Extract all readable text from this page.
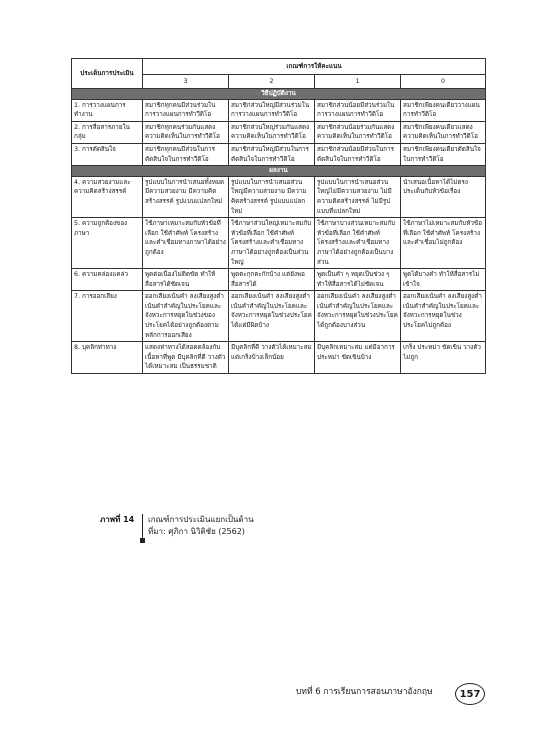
ประเด็นการประเมิน	เกณฑ์การให้คะแนน			
	3	2	1	0
วิธีปฏิบัติงาน				
1. การวางแผนการทำงาน	สมาชิกทุกคนมีส่วนร่วมในการวางแผนการทำวีดิโอ	สมาชิกส่วนใหญ่มีส่วนร่วมในการวางแผนการทำวีดิโอ	สมาชิกส่วนน้อยมีส่วนร่วมในการวางแผนการทำวีดิโอ	สมาชิกเพียงคนเดียววางแผนการทำวีดิโอ
2. การสื่อสารภายในกลุ่ม	สมาชิกทุกคนร่วมกันแสดงความคิดเห็นในการทำวีดิโอ	สมาชิกส่วนใหญ่ร่วมกันแสดงความคิดเห็นในการทำวีดิโอ	สมาชิกส่วนน้อยร่วมกันแสดงความคิดเห็นในการทำวีดิโอ	สมาชิกเพียงคนเดียวแสดงความคิดเห็นในการทำวีดิโอ
3. การตัดสินใจ	สมาชิกทุกคนมีส่วนในการตัดสินใจในการทำวีดิโอ	สมาชิกส่วนใหญ่มีส่วนในการตัดสินใจในการทำวีดิโอ	สมาชิกส่วนน้อยมีส่วนในการตัดสินใจในการทำวีดิโอ	สมาชิกเพียงคนเดียวตัดสินใจในการทำวีดิโอ
ผลงาน				
4. ความสวยงามและความคิดสร้างสรรค์	รูปแบบในการนำเสนอทั้งหมดมีความสวยงาม มีความคิดสร้างสรรค์ รูปแบบแปลกใหม่	รูปแบบในการนำเสนอส่วนใหญ่มีความสวยงาม มีความคิดสร้างสรรค์ รูปแบบแปลกใหม่	รูปแบบในการนำเสนอส่วนใหญ่ไม่มีความสวยงาม ไม่มีความคิดสร้างสรรค์ ไม่มีรูปแบบที่แปลกใหม่	นำเสนอเนื้อหาได้ไม่ตรงประเด็นกับหัวข้อเรื่อง
5. ความถูกต้องของภาษา	ใช้ภาษาเหมาะสมกับหัวข้อที่เลือก ใช้คำศัพท์ โครงสร้างและคำเชื่อมทางภาษาได้อย่างถูกต้อง	ใช้ภาษาส่วนใหญ่เหมาะสมกับหัวข้อที่เลือก ใช้คำศัพท์ โครงสร้างและคำเชื่อมทางภาษาได้อย่างถูกต้องเป็นส่วนใหญ่	ใช้ภาษาบางส่วนเหมาะสมกับหัวข้อที่เลือก ใช้คำศัพท์ โครงสร้างและคำเชื่อมทางภาษาได้อย่างถูกต้องเป็นบางส่วน	ใช้ภาษาไม่เหมาะสมกับหัวข้อที่เลือก ใช้คำศัพท์ โครงสร้าง และคำเชื่อมไม่ถูกต้อง
6. ความคล่องแคล่ว	พูดต่อเนื่องไม่ติดขัด ทำให้สื่อสารได้ชัดเจน	พูดตะกุกตะกักบ้าง แต่ยังพอสื่อสารได้	พูดเป็นคำ ๆ หยุดเป็นช่วง ๆ ทำให้สื่อสารได้ไม่ชัดเจน	พูดได้บางคำ ทำให้สื่อสารไม่เข้าใจ
7. การออกเสียง	ออกเสียงเน้นคำ ลงเสียงสูงต่ำ เน้นคำสำคัญในประโยคและจังหวะการหยุดในช่วงของประโยคได้อย่างถูกต้องตามหลักการออกเสียง	ออกเสียงเน้นคำ ลงเสียงสูงต่ำ เน้นคำสำคัญในประโยคและจังหวะการหยุดในช่วงประโยคได้แต่มีผิดบ้าง	ออกเสียงเน้นคำ ลงเสียงสูงต่ำ เน้นคำสำคัญในประโยคและจังหวะการหยุดในช่วงประโยคได้ถูกต้องบางส่วน	ออกเสียงเน้นคำ ลงเสียงสูงต่ำ เน้นคำสำคัญในประโยคและจังหวะการหยุดในช่วงประโยคไม่ถูกต้อง
8. บุคลิกท่าทาง	แสดงท่าทางได้สอดคล้องกับเนื้อหาที่พูด มีบุคลิกที่ดี วางตัวได้เหมาะสม เป็นธรรมชาติ	มีบุคลิกที่ดี วางตัวได้เหมาะสม แต่เกร็งบ้างเล็กน้อย	มีบุคลิกเหมาะสม แต่มีอาการประหม่า ขัดเขินบ้าง	เกร็ง ประหม่า ขัดเขิน วางตัวไม่ถูก
ภาพที่ 14	เกณฑ์การประเมินแยกเป็นด้าน
ที่มา: ศุภิกา นิวิติชัย (2562)
บทที่ 6 การเรียนการสอนภาษาอังกฤษ	157
